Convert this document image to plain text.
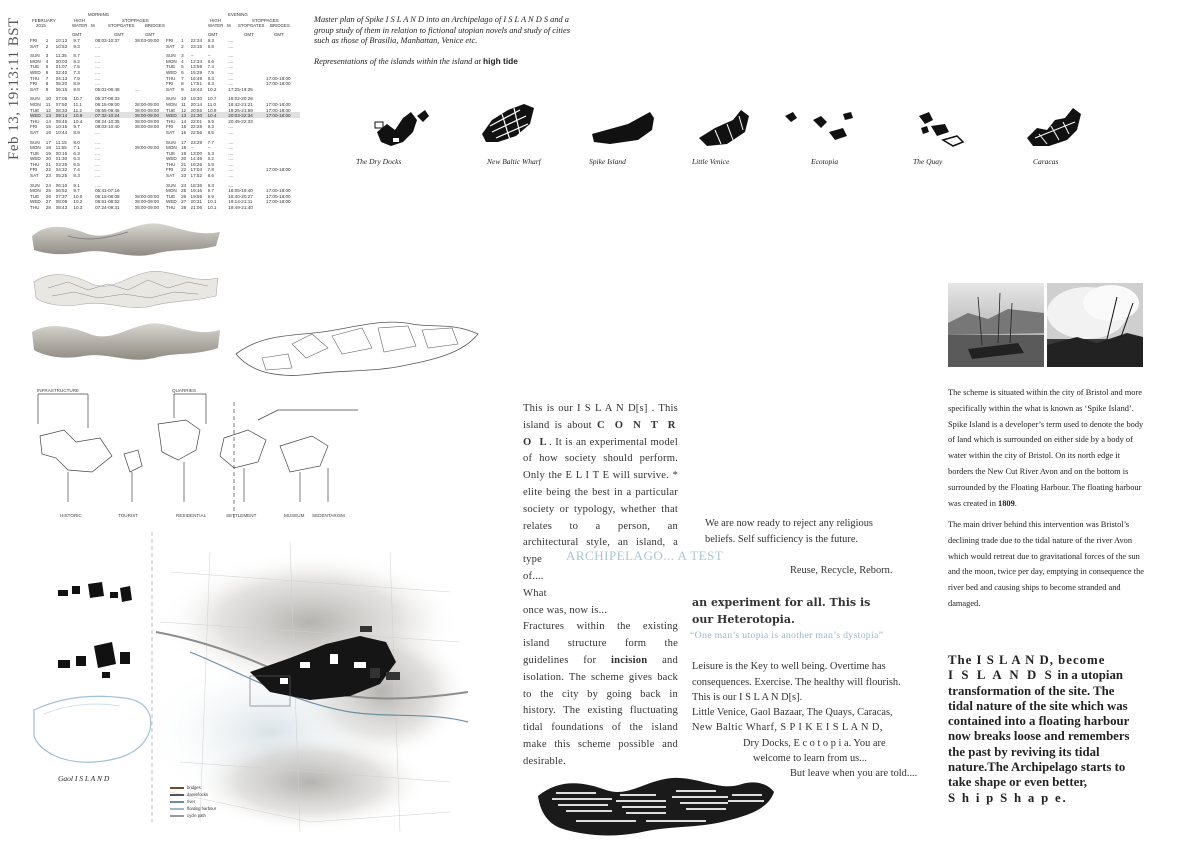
Feb 13, 19:13:11 BST
MORNING
STOPPAGES
FEBRUARY
2015
HIGH
WATER M	STOPGATES BRIDGES
GMT	GMT	GMT
EVENING
STOPPAGES
HIGH
WATER M STOPGATES BRIDGES
GMT	GMT	GMT
FRI	1	10:13	9.7	08:03-10:37	08:03-09:00
SAT	2	10:53	9.3	....
SUN	3	11:35	8.7	....
MON	4	00:03	8.2	....
TUE	5	01:07	7.5	....
WED	6	02:40	7.3	....
THU	7	04:13	7.9	....
FRI	8	05:20	8.9	....
SAT	9	06:15	9.8	05:01-06:48	....
SUN	10	07:05	10.7	05:37-08:33
MON	11	07:50	11.1	06:15-09:00	08:00-09:00
TUE	12	08:33	11.2	06:55-09:45	08:00-09:00
WED	13	09:14	10.9	07:32-10:24	08:00-09:00
THU	14	09:45	10.4	08:24-10:35	08:00-09:00
FRI	15	10:15	9.7	09:03-10:40	08:00-09:00
SAT	16	10:44	8.9	....
SUN	17	11:15	8.0	....
MON	18	11:55	7.1	....	08:00-09:00
TUE	19	00:15	6.3	....
WED	20	01:30	6.3	....
THU	21	03:25	6.5	....
FRI	22	04:32	7.4	....
SAT	23	05:25	8.3	....
SUN	24	06:10	9.1	....
MON	25	06:52	9.7	05:41-07:16
TUE	26	07:37	10.0	06:15-08:08	08:00-09:00
WED	27	08:09	10.2	06:51-08:52	08:00-09:00
THU	28	08:43	10.3	07:24-09:31	08:00-09:00
FRI	1	22:34	9.3	....
SAT	2	23:15	8.8	....
SUN	3	--	--	....
MON 4	12:34	8.6	....
TUE	5	13:59	7.4	....
WED 6	15:29	7.5	....
THU	7	16:49	8.3	....	17:00-18:00
FRI	8	17:51	9.3	....	17:00-18:00
SAT	9	18:43	10.2	17:25-19:25
SUN	10 19:30	10.7	18:02-20:28
MON 11	20:14	11.0	18:42-21:21	17:00-18:00
TUE	12 20:55	10.9	19:25-21:59	17:00-18:00
WED 13 21:30	10.4	20:03-22:34	17:00-18:00
THU	14 22:01	9.9	20:45-22:33
FRI	15 22:28	9.3	....
SAT	16 22:56	8.5	....
SUN	17 23:29	7.7	....
MON 18 --	--	....
TUE	19 13:00	6.3	....
WED 20 14:46	6.2	....
THU	21 16:26	6.9	....
FRI	22 17:04	7.8	....	17:00-18:00
SAT	23 17:52	8.6	....
SUN	24 18:36	9.3	....
MON 25 19:16	9.7	18:05-19:40	17:00-18:00
TUE	26 19:55	9.9	18:40-20:27	17:00-18:00
WED 27 20:31	10.1	19:14-21:11	17:00-18:00
THU	28 21:06	10.1	19:49-21:40
Master plan of Spike I S L A N D into an Archipelago of I S L A N D S and a group study of them in relation to fictional utopian novels and study of cities such as those of Brasilia, Manhattan, Venice etc.
Representations of the islands within the island at high tide
The Dry Docks	New Baltic Wharf	Spike Island	Little Venice	Ecotopia	The Quay	Caracas
INFRASTRUCTURE	QUARRIES
HISTORIC	TOURIST	RESIDENTIAL	SETTLEMENT	MUSEUM SEDENTARISM
Gaol I S L A N D
bridges
dams/locks
river
floating harbour
cycle path
This is our I S L A N D[s] . This island is about C O N T R O L. It is an experimental model of how society should perform. Only the E L I T E will survive. * elite being the best in a particular society or typology, whether that relates to a person, an architectural style, an island, a type
of....
What
once was, now is...
Fractures within the existing island structure form the guidelines for incision and isolation. The scheme gives back to the city by going back in history. The existing fluctuating tidal foundations of the island make this scheme possible and desirable.
ARCHIPELAGO... A TEST
We are now ready to reject any religious beliefs. Self sufficiency is the future.
Reuse, Recycle, Reborn.
an experiment for all. This is our Heterotopia.
“One man’s utopia is another man’s dystopia”
Leisure is the Key to well being. Overtime has consequences. Exercise. The healthy will flourish. This is our I S L A N D[s].
Little Venice, Gaol Bazaar, The Quays, Caracas,
New Baltic Wharf, S P I K E I S L A N D,
Dry Docks, E c o t o p i a. You are
welcome to learn from us...
But leave when you are told....
The scheme is situated within the city of Bristol and more specifically within the what is known as ‘Spike Island’. Spike Island is a developer’s term used to denote the body of land which is surrounded on either side by a body of water within the city of Bristol. On its north edge it borders the New Cut River Avon and on the bottom is surrounded by the Floating Harbour. The floating harbour was created in 1809.
The main driver behind this intervention was Bristol’s declining trade due to the tidal nature of the river Avon which would retreat due to gravitational forces of the sun and the moon, twice per day, emptying in consequence the river bed and causing ships to become stranded and damaged.
The I S L A N D, become
I S L A N D S in a utopian transformation of the site. The tidal nature of the site which was contained into a floating harbour now breaks loose and remembers the past by reviving its tidal nature.The Archipelago starts to take shape or even better,
S h i p S h a p e.
